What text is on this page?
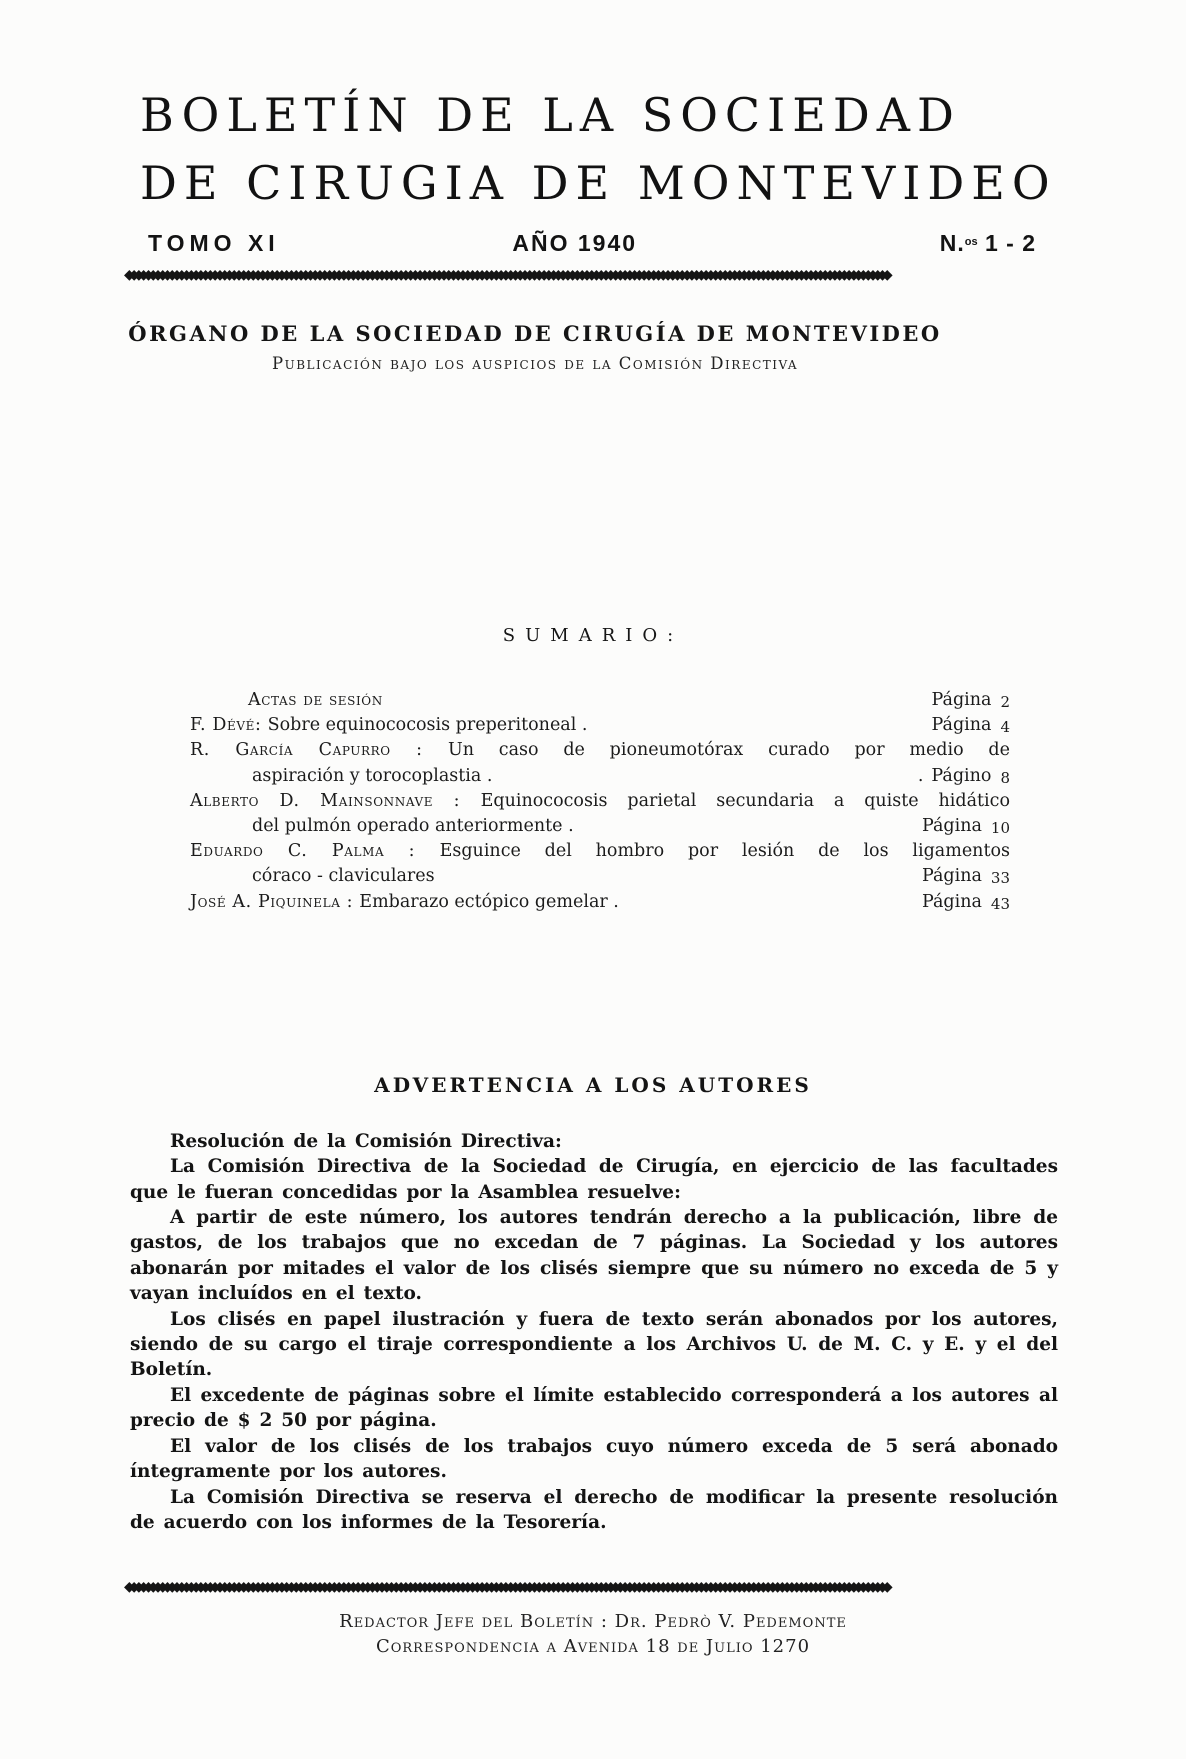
BOLETÍN DE LA SOCIEDAD
DE CIRUGIA DE MONTEVIDEO
TOMO XI	AÑO 1940	N.$^{os}$ 1 - 2
◆◆◆◆◆◆◆◆◆◆◆◆◆◆◆◆◆◆◆◆◆◆◆◆◆◆◆◆◆◆◆◆◆◆◆◆◆◆◆◆◆◆◆◆◆◆◆◆◆◆◆◆◆◆◆◆◆◆◆◆◆◆◆◆◆◆◆◆◆◆◆◆◆◆◆◆◆◆◆◆◆◆◆◆◆◆◆◆◆◆◆◆◆◆◆◆◆◆◆◆◆◆◆◆◆◆◆◆◆◆◆◆◆◆◆◆◆◆◆◆◆◆◆◆◆◆◆◆◆◆◆◆◆◆◆◆◆◆◆◆◆◆◆◆◆◆◆◆◆◆◆◆◆◆◆◆◆◆◆◆
ÓRGANO DE LA SOCIEDAD DE CIRUGÍA DE MONTEVIDEO
Publicación bajo los auspicios de la Comisión Directiva
SUMARIO:
Actas de sesión	Página 2
F. Dévé: Sobre equinococosis preperitoneal .	Página 4
R. García Capurro : Un caso de pioneumotórax curado por medio de
aspiración y torocoplastia .	. Págino 8
Alberto D. Mainsonnave : Equinococosis parietal secundaria a quiste hidático
del pulmón operado anteriormente .	Página 10
Eduardo C. Palma : Esguince del hombro por lesión de los ligamentos
córaco - claviculares	Página 33
José A. Piquinela : Embarazo ectópico gemelar .	Página 43
ADVERTENCIA A LOS AUTORES

Resolución de la Comisión Directiva:

La Comisión Directiva de la Sociedad de Cirugía, en ejercicio de las facultades que le fueran concedidas por la Asamblea resuelve:

A partir de este número, los autores tendrán derecho a la publicación, libre de gastos, de los trabajos que no excedan de 7 páginas. La Sociedad y los autores abonarán por mitades el valor de los clisés siempre que su número no exceda de 5 y vayan incluídos en el texto.

Los clisés en papel ilustración y fuera de texto serán abonados por los autores, siendo de su cargo el tiraje correspondiente a los Archivos U. de M. C. y E. y el del Boletín.

El excedente de páginas sobre el límite establecido corresponderá a los autores al precio de $ 2 50 por página.

El valor de los clisés de los trabajos cuyo número exceda de 5 será abonado íntegramente por los autores.

La Comisión Directiva se reserva el derecho de modificar la presente resolución de acuerdo con los informes de la Tesorería.

◆◆◆◆◆◆◆◆◆◆◆◆◆◆◆◆◆◆◆◆◆◆◆◆◆◆◆◆◆◆◆◆◆◆◆◆◆◆◆◆◆◆◆◆◆◆◆◆◆◆◆◆◆◆◆◆◆◆◆◆◆◆◆◆◆◆◆◆◆◆◆◆◆◆◆◆◆◆◆◆◆◆◆◆◆◆◆◆◆◆◆◆◆◆◆◆◆◆◆◆◆◆◆◆◆◆◆◆◆◆◆◆◆◆◆◆◆◆◆◆◆◆◆◆◆◆◆◆◆◆◆◆◆◆◆◆◆◆◆◆◆◆◆◆◆◆◆◆◆◆◆◆◆◆◆◆◆◆◆◆
Redactor Jefe del Boletín : Dr. Pedrò V. Pedemonte
Correspondencia a Avenida 18 de Julio 1270
